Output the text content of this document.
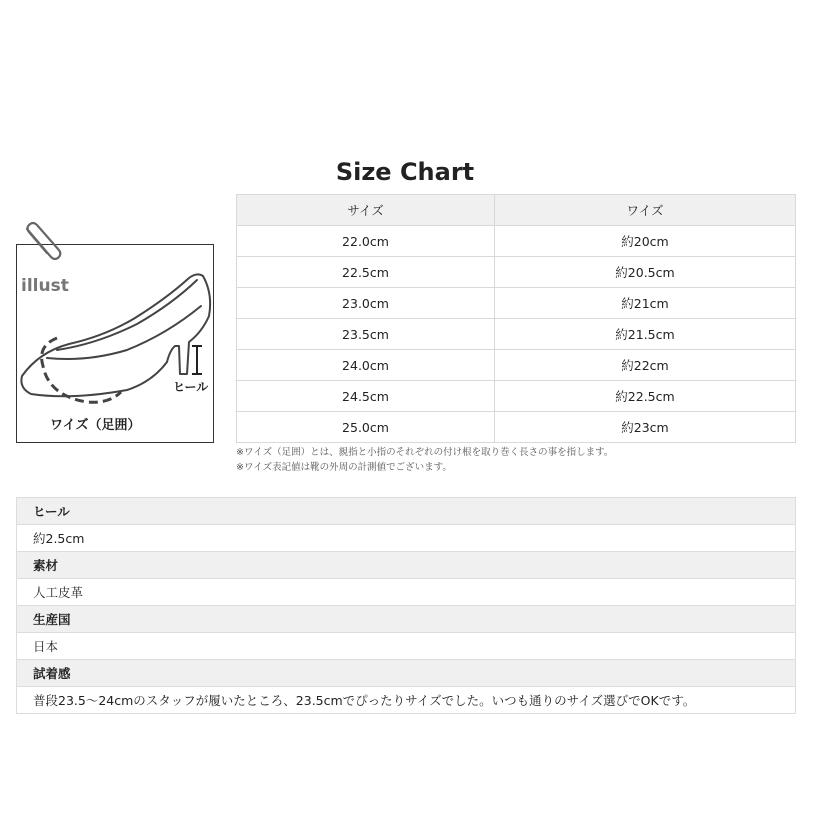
Size Chart
illust
ヒール
ワイズ（足囲）
サイズ	ワイズ
22.0cm	約20cm
22.5cm	約20.5cm
23.0cm	約21cm
23.5cm	約21.5cm
24.0cm	約22cm
24.5cm	約22.5cm
25.0cm	約23cm
※ワイズ（足囲）とは、親指と小指のそれぞれの付け根を取り巻く長さの事を指します。
※ワイズ表記値は靴の外周の計測値でございます。
ヒール
約2.5cm
素材
人工皮革
生産国
日本
試着感
普段23.5〜24cmのスタッフが履いたところ、23.5cmでぴったりサイズでした。いつも通りのサイズ選びでOKです。
